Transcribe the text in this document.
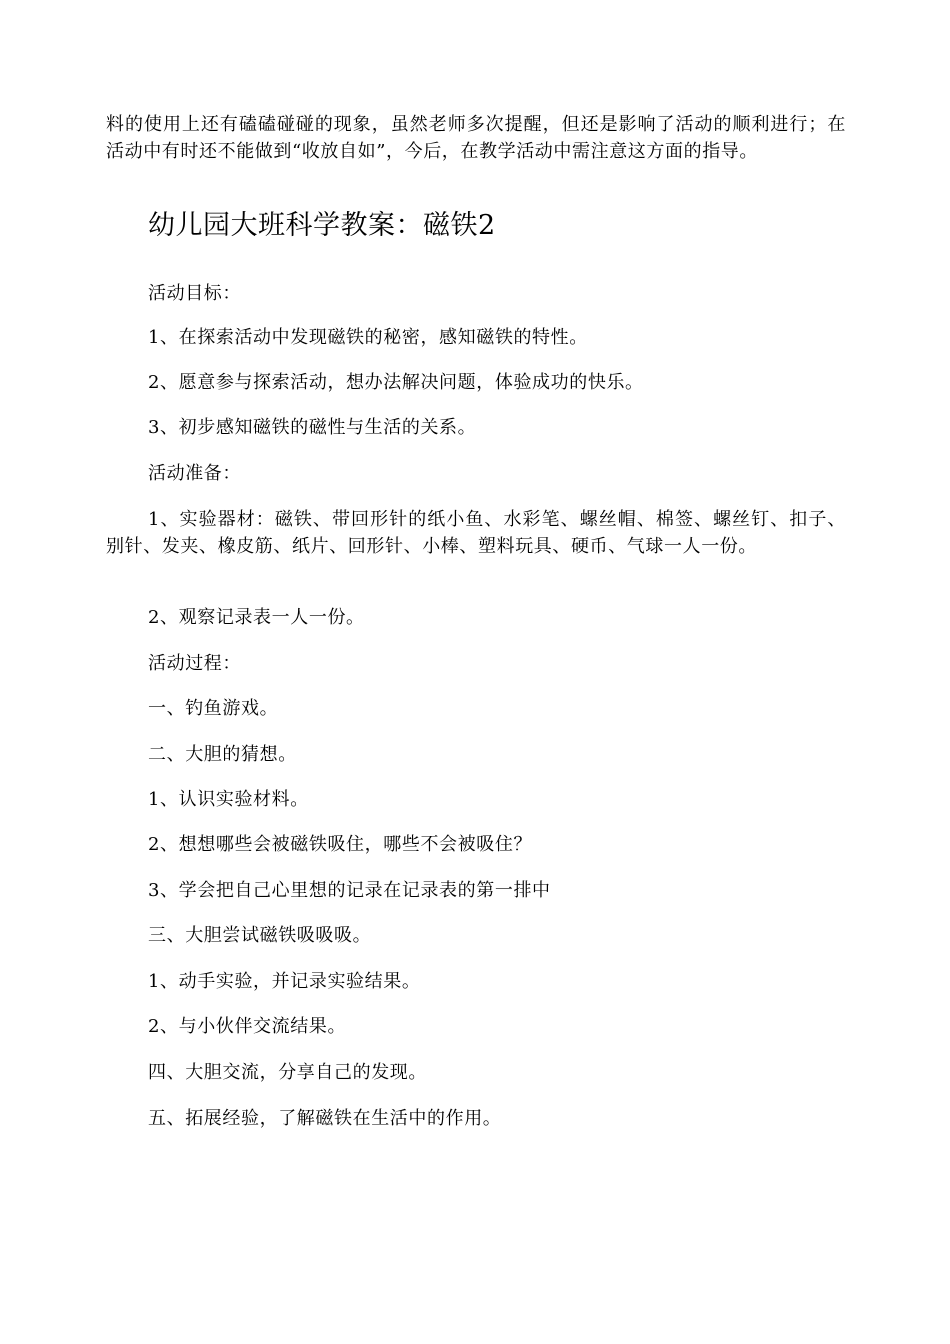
料的使用上还有磕磕碰碰的现象，虽然老师多次提醒，但还是影响了活动的顺利进行；在活动中有时还不能做到“收放自如”，今后，在教学活动中需注意这方面的指导。

幼儿园大班科学教案：磁铁2

活动目标：

1、在探索活动中发现磁铁的秘密，感知磁铁的特性。

2、愿意参与探索活动，想办法解决问题，体验成功的快乐。

3、初步感知磁铁的磁性与生活的关系。

活动准备：

1、实验器材：磁铁、带回形针的纸小鱼、水彩笔、螺丝帽、棉签、螺丝钉、扣子、别针、发夹、橡皮筋、纸片、回形针、小棒、塑料玩具、硬币、气球一人一份。

2、观察记录表一人一份。

活动过程：

一、钓鱼游戏。

二、大胆的猜想。

1、认识实验材料。

2、想想哪些会被磁铁吸住，哪些不会被吸住？

3、学会把自己心里想的记录在记录表的第一排中

三、大胆尝试磁铁吸吸吸。

1、动手实验，并记录实验结果。

2、与小伙伴交流结果。

四、大胆交流，分享自己的发现。

五、拓展经验，了解磁铁在生活中的作用。
